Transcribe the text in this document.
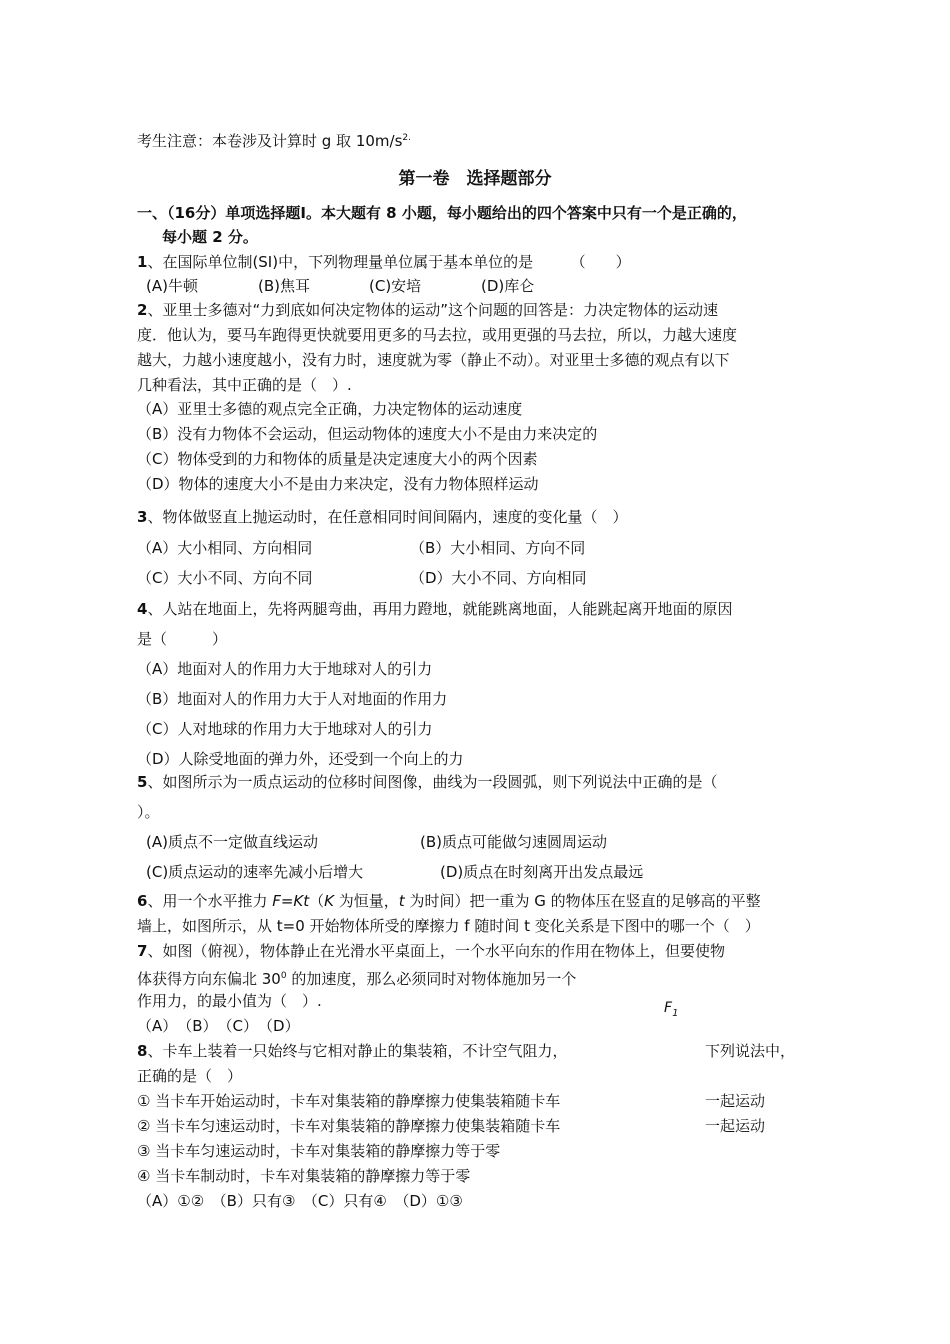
考生注意：本卷涉及计算时 g 取 $10m/s^{2.}$
第一卷　选择题部分
一、（16分）单项选择题Ⅰ。本大题有 8 小题，每小题给出的四个答案中只有一个是正确的，
每小题 2 分。
1、在国际单位制(SI)中，下列物理量单位属于基本单位的是　　　（　　）
(A)牛顿	(B)焦耳	(C)安培	(D)库仑
2、亚里士多德对“力到底如何决定物体的运动”这个问题的回答是：力决定物体的运动速
度．他认为，要马车跑得更快就要用更多的马去拉，或用更强的马去拉，所以，力越大速度
越大，力越小速度越小，没有力时，速度就为零（静止不动）。对亚里士多德的观点有以下
几种看法，其中正确的是（　）.
（A）亚里士多德的观点完全正确，力决定物体的运动速度
（B）没有力物体不会运动，但运动物体的速度大小不是由力来决定的
（C）物体受到的力和物体的质量是决定速度大小的两个因素
（D）物体的速度大小不是由力来决定，没有力物体照样运动
3、物体做竖直上抛运动时，在任意相同时间间隔内，速度的变化量（　）
（A）大小相同、方向相同	（B）大小相同、方向不同
（C）大小不同、方向不同	（D）大小不同、方向相同
4、人站在地面上，先将两腿弯曲，再用力蹬地，就能跳离地面，人能跳起离开地面的原因
是（　　　）
（A）地面对人的作用力大于地球对人的引力
（B）地面对人的作用力大于人对地面的作用力
（C）人对地球的作用力大于地球对人的引力
（D）人除受地面的弹力外，还受到一个向上的力
5、如图所示为一质点运动的位移时间图像，曲线为一段圆弧，则下列说法中正确的是（
）。
(A)质点不一定做直线运动	(B)质点可能做匀速圆周运动
(C)质点运动的速率先减小后增大	(D)质点在时刻离开出发点最远
6、用一个水平推力 F=Kt（K 为恒量，t 为时间）把一重为 G 的物体压在竖直的足够高的平整
墙上，如图所示，从 t=0 开始物体所受的摩擦力 f 随时间 t 变化关系是下图中的哪一个（　）
7、如图（俯视），物体静止在光滑水平桌面上，一个水平向东的作用在物体上，但要使物
体获得方向东偏北 $30^0$ 的加速度，那么必须同时对物体施加另一个
作用力，的最小值为（　）.	$F_1$
（A）　（B）　（C）　（D）
8、卡车上装着一只始终与它相对静止的集装箱，不计空气阻力，	下列说法中，
正确的是（　）
① 当卡车开始运动时，卡车对集装箱的静摩擦力使集装箱随卡车	一起运动
② 当卡车匀速运动时，卡车对集装箱的静摩擦力使集装箱随卡车	一起运动
③ 当卡车匀速运动时，卡车对集装箱的静摩擦力等于零
④ 当卡车制动时，卡车对集装箱的静摩擦力等于零
（A）①②　（B）只有③　（C）只有④　（D）①③
